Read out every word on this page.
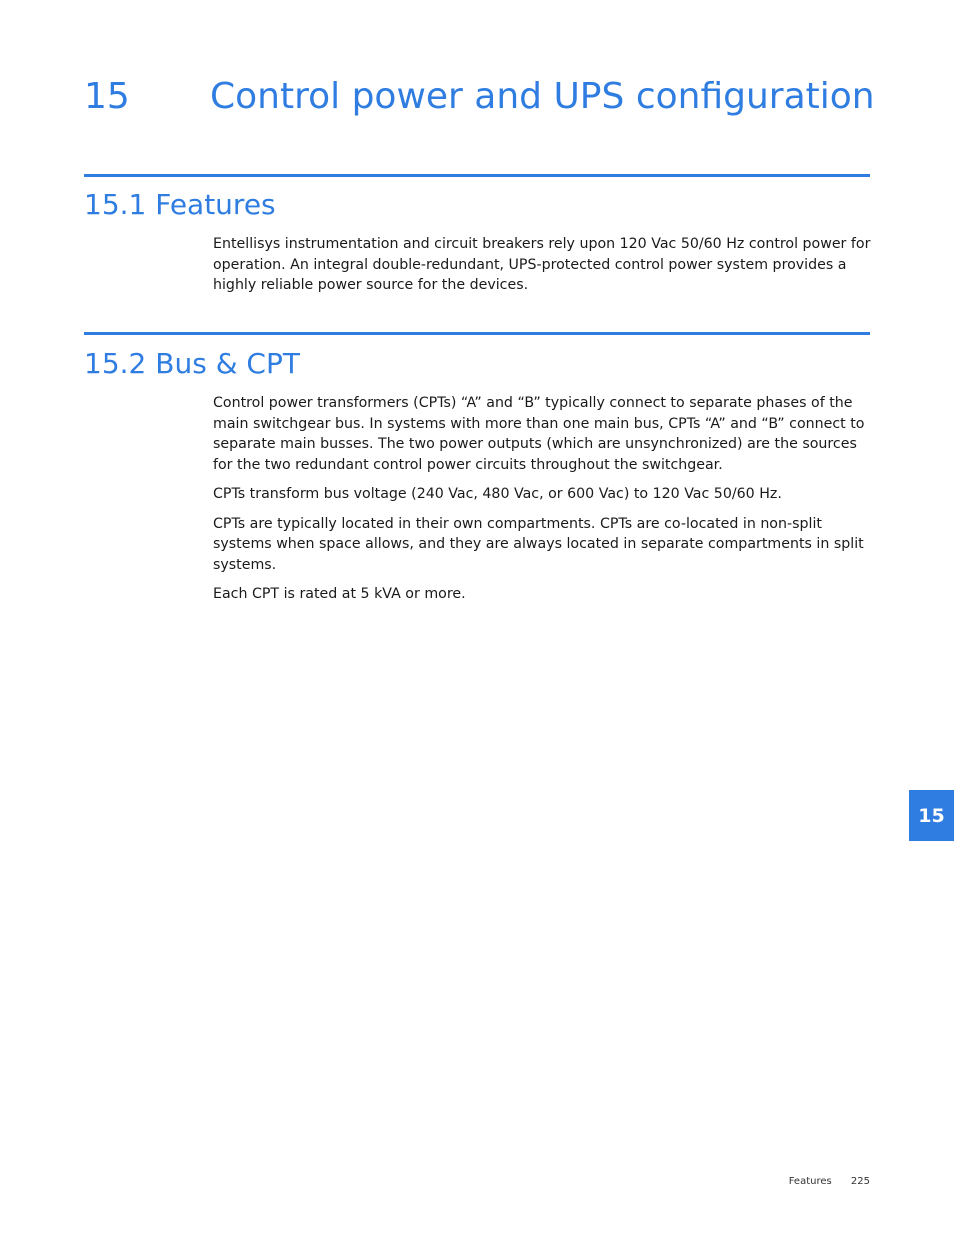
15 Control power and UPS configuration
15.1 Features

Entellisys instrumentation and circuit breakers rely upon 120 Vac 50/60 Hz control power for operation. An integral double-redundant, UPS-protected control power system provides a highly reliable power source for the devices.

15.2 Bus & CPT

Control power transformers (CPTs) “A” and “B” typically connect to separate phases of the main switchgear bus. In systems with more than one main bus, CPTs “A” and “B” connect to separate main busses. The two power outputs (which are unsynchronized) are the sources for the two redundant control power circuits throughout the switchgear.

CPTs transform bus voltage (240 Vac, 480 Vac, or 600 Vac) to 120 Vac 50/60 Hz.

CPTs are typically located in their own compartments. CPTs are co-located in non-split systems when space allows, and they are always located in separate compartments in split systems.

Each CPT is rated at 5 kVA or more.

15
Features 225
